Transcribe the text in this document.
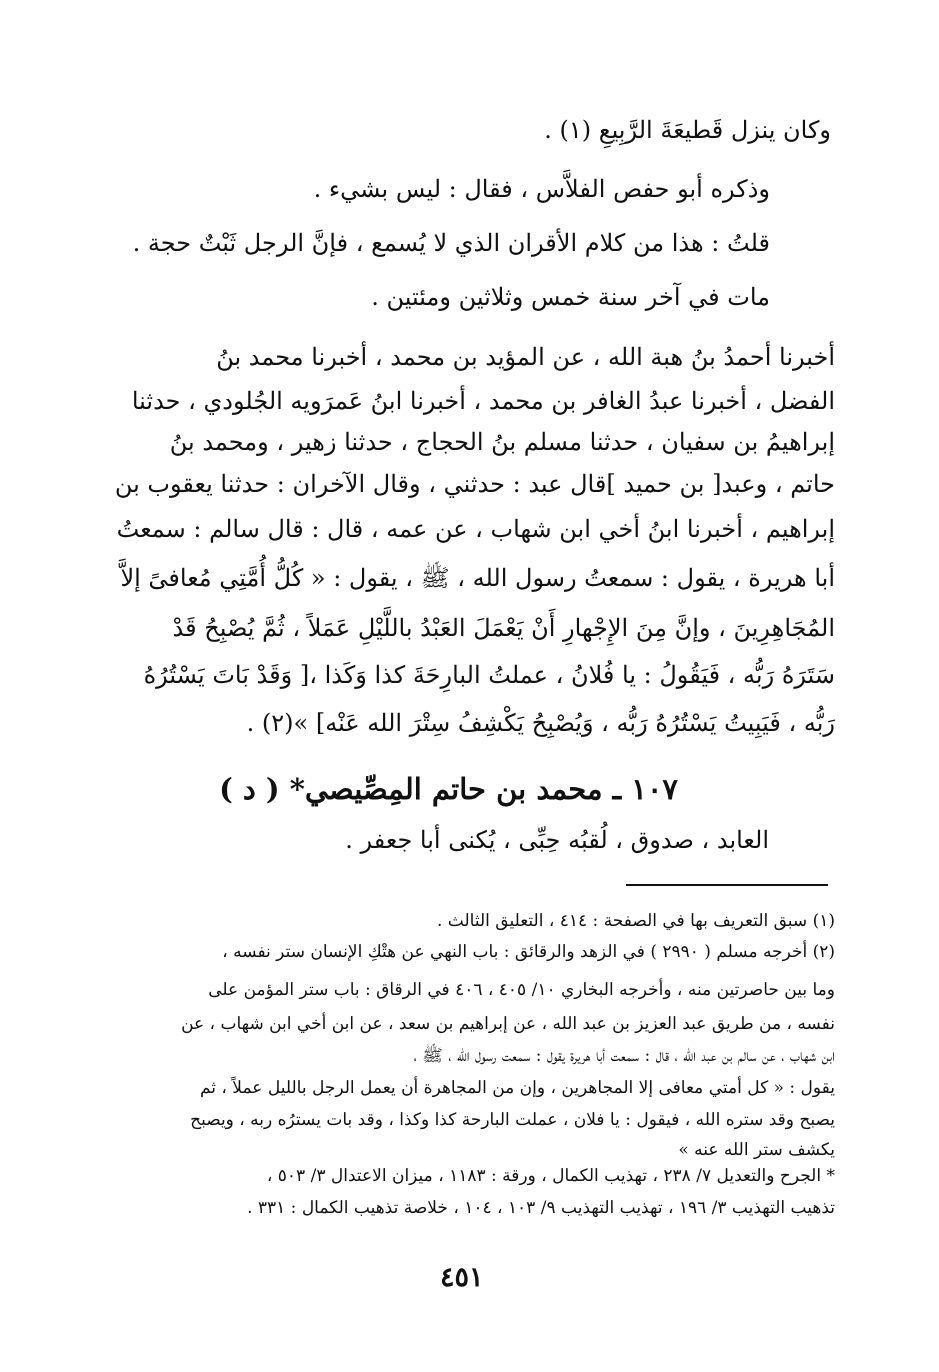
وكان ينزل قَطيعَةَ الرَّبِيعِ (١) .
وذكره أبو حفص الفلاَّس ، فقال : ليس بشيء .
قلتُ : هذا من كلام الأقران الذي لا يُسمع ، فإنَّ الرجل ثَبْتٌ حجة .
مات في آخر سنة خمس وثلاثين ومئتين .
أخبرنا أحمدُ بنُ هبة الله ، عن المؤيد بن محمد ، أخبرنا محمد بنُ
الفضل ، أخبرنا عبدُ الغافر بن محمد ، أخبرنا ابنُ عَمرَويه الجُلودي ، حدثنا
إبراهيمُ بن سفيان ، حدثنا مسلم بنُ الحجاج ، حدثنا زهير ، ومحمد بنُ
حاتم ، وعبد[ بن حميد ]قال عبد : حدثني ، وقال الآخران : حدثنا يعقوب بن
إبراهيم ، أخبرنا ابنُ أخي ابن شهاب ، عن عمه ، قال : قال سالم : سمعتُ
أبا هريرة ، يقول : سمعتُ رسول الله ، ﷺ ، يقول : « كُلُّ أُمَّتِي مُعافىً إلاَّ
المُجَاهِرِينَ ، وإنَّ مِنَ الإِجْهارِ أَنْ يَعْمَلَ العَبْدُ باللَّيْلِ عَمَلاً ، ثُمَّ يُصْبِحُ قَدْ
سَتَرَهُ رَبُّه ، فَيَقُولُ : يا فُلانُ ، عملتُ البارِحَةَ كذا وَكَذا ،[ وَقَدْ بَاتَ يَسْتُرُهُ
رَبُّه ، فَيَبِيتُ يَسْتُرُهُ رَبُّه ، وَيُصْبِحُ يَكْشِفُ سِتْرَ الله عَنْه] »(٢) .
١٠٧ ـ محمد بن حاتم المِصِّيصي* ( د )
العابد ، صدوق ، لُقبُه حِبِّى ، يُكنى أبا جعفر .
(١) سبق التعريف بها في الصفحة : ٤١٤ ، التعليق الثالث .
(٢) أخرجه مسلم ( ٢٩٩٠ ) في الزهد والرقائق : باب النهي عن هتْكِ الإنسان ستر نفسه ،
وما بين حاصرتين منه ، وأخرجه البخاري ١٠/ ٤٠٥ ، ٤٠٦ في الرقاق : باب ستر المؤمن على
نفسه ، من طريق عبد العزيز بن عبد الله ، عن إبراهيم بن سعد ، عن ابن أخي ابن شهاب ، عن
ابن شهاب ، عن سالم بن عبد الله ، قال : سمعت أبا هريرة يقول : سمعت رسول الله ، ﷺ ،
يقول : « كل أمتي معافى إلا المجاهرين ، وإن من المجاهرة أن يعمل الرجل بالليل عملاً ، ثم
يصبح وقد ستره الله ، فيقول : يا فلان ، عملت البارحة كذا وكذا ، وقد بات يسترُه ربه ، ويصبح
يكشف ستر الله عنه »
* الجرح والتعديل ٧/ ٢٣٨ ، تهذيب الكمال ، ورقة : ١١٨٣ ، ميزان الاعتدال ٣/ ٥٠٣ ،
تذهيب التهذيب ٣/ ١٩٦ ، تهذيب التهذيب ٩/ ١٠٣ ، ١٠٤ ، خلاصة تذهيب الكمال : ٣٣١ .
٤٥١
